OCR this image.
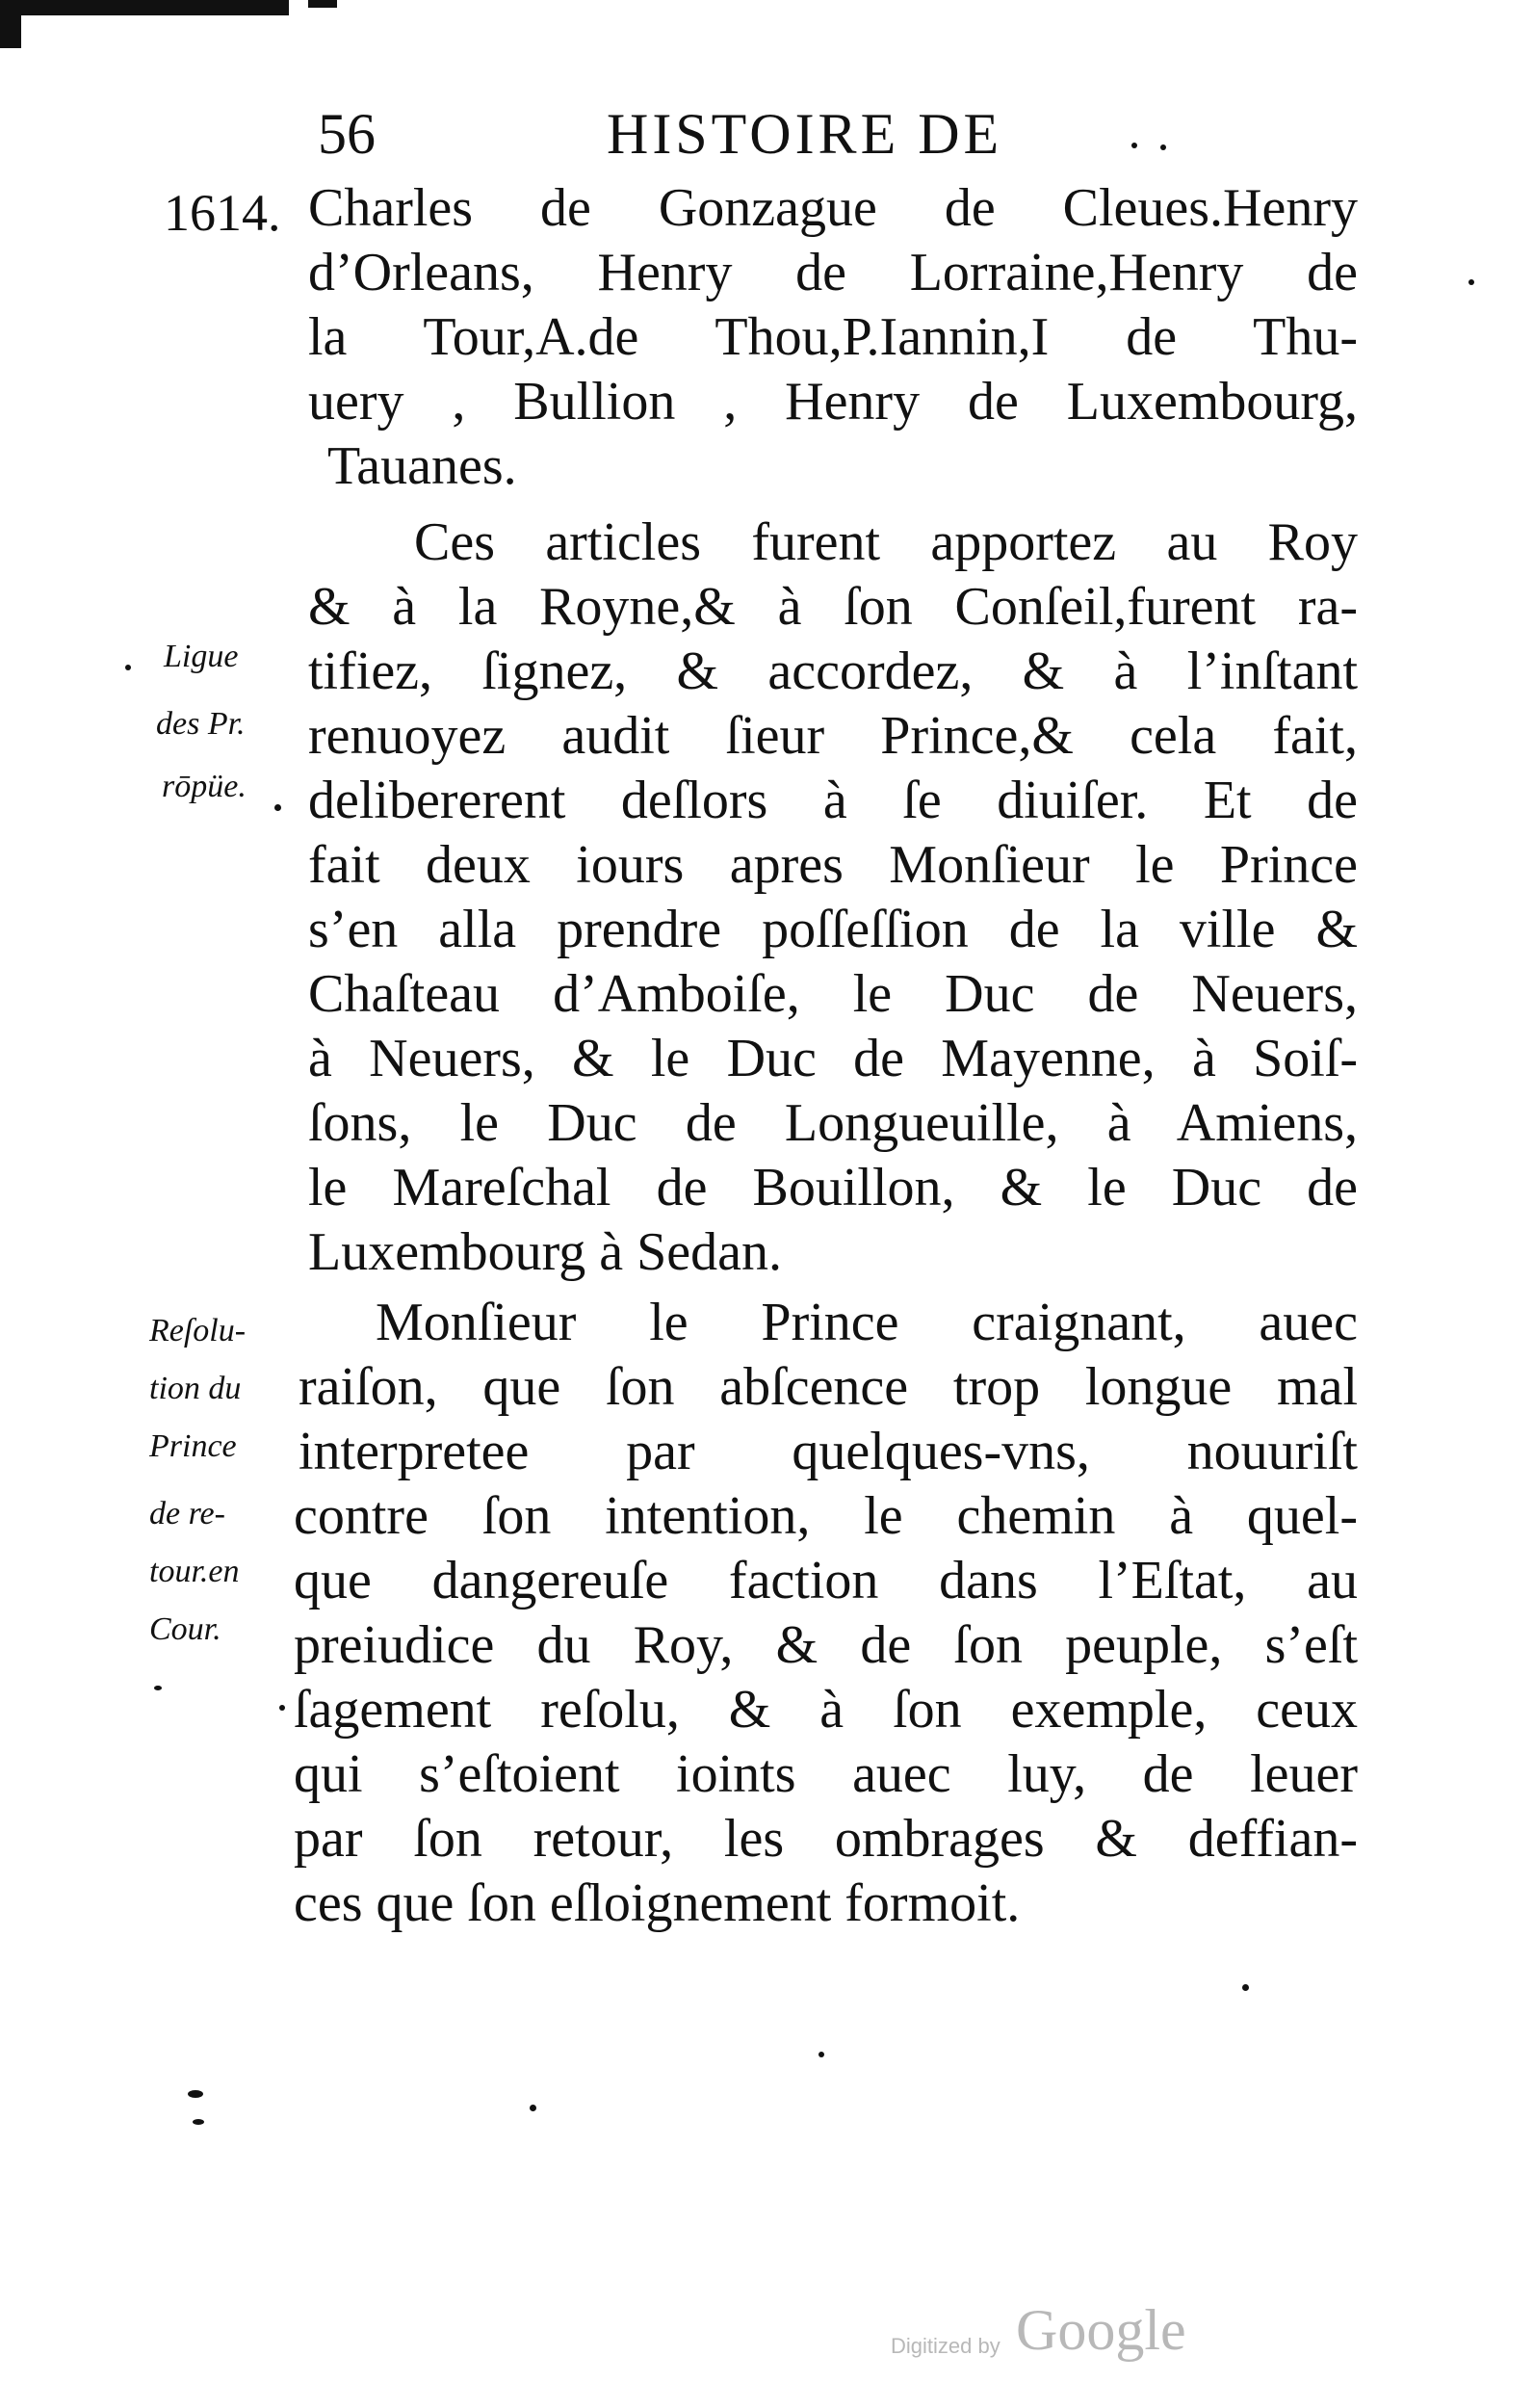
56	HISTOIRE DE
1614. Charles de Gonzague de Cleues.Henry
d’Orleans, Henry de Lorraine,Henry de
la Tour,A.de Thou,P.Iannin,I de Thu-
uery , Bullion , Henry de Luxembourg,
Tauanes.
Ces articles furent apportez au Roy
& à la Royne,& à ſon Conſeil,furent ra-
tifiez, ſignez, & accordez, & à l’inſtant
renuoyez audit ſieur Prince,& cela fait,
delibererent deſlors à ſe diuiſer. Et de
fait deux iours apres Monſieur le Prince
s’en alla prendre poſſeſſion de la ville &
Chaſteau d’Amboiſe, le Duc de Neuers,
à Neuers, & le Duc de Mayenne, à Soiſ-
ſons, le Duc de Longueuille, à Amiens,
le Mareſchal de Bouillon, & le Duc de
Luxembourg à Sedan.
Monſieur le Prince craignant, auec
raiſon, que ſon abſcence trop longue mal
interpretee par quelques-vns, nouuriſt
contre ſon intention, le chemin à quel-
que dangereuſe faction dans l’Eſtat, au
preiudice du Roy, & de ſon peuple, s’eſt
ſagement reſolu, & à ſon exemple, ceux
qui s’eſtoient ioints auec luy, de leuer
par ſon retour, les ombrages & deffian-
ces que ſon eſloignement formoit.
Ligue
des Pr.
rōpüe.
Reſolu-
tion du
Prince
de re-
tour.en
Cour.
Digitized by Google
